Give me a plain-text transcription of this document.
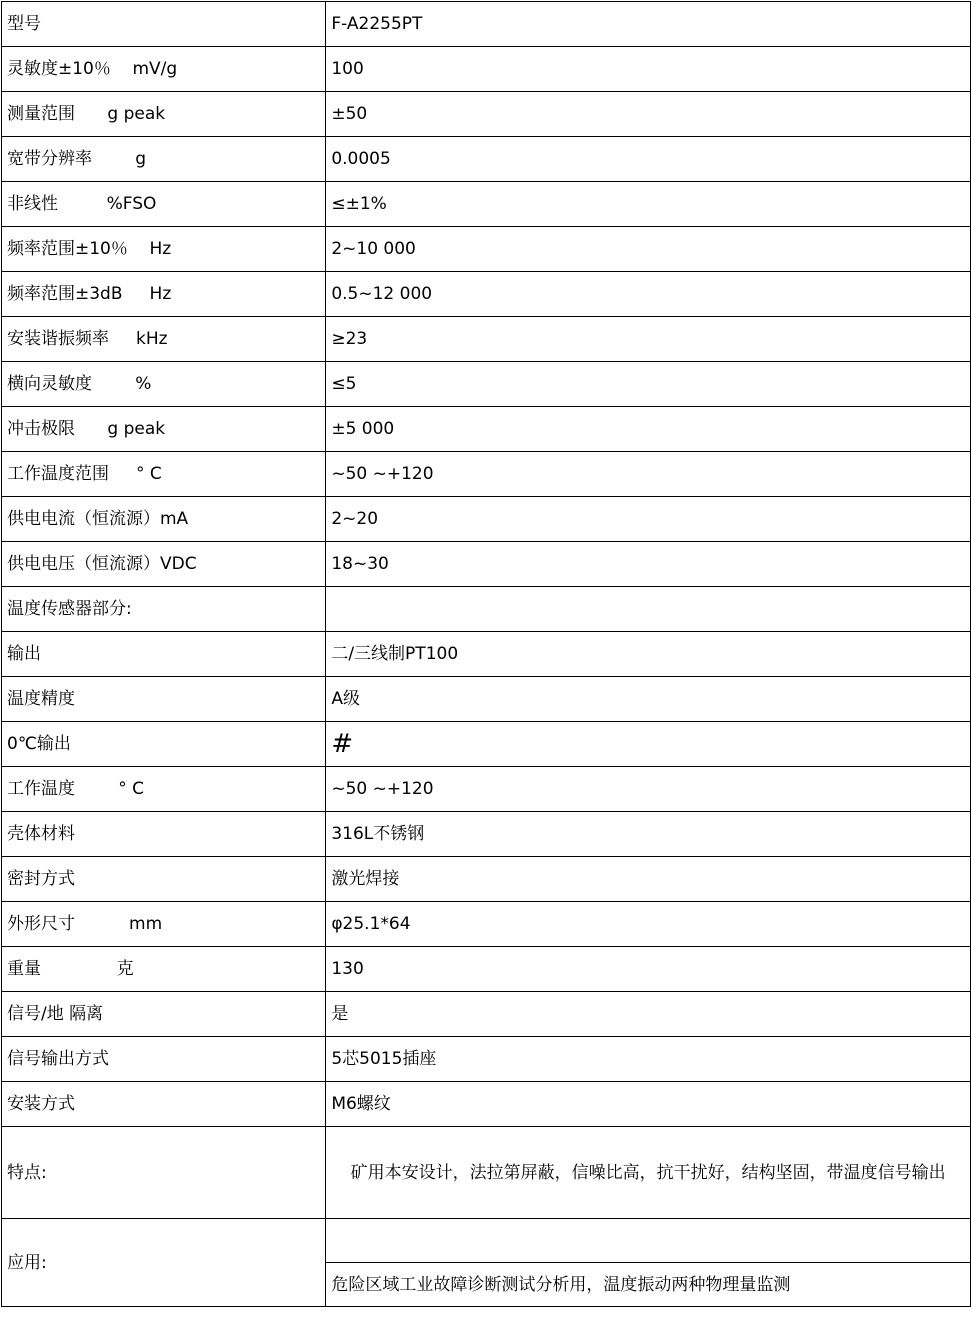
型号	F-A2255PT
灵敏度±10％    mV/g	100
测量范围      g peak	±50
宽带分辨率        g	0.0005
非线性         %FSO	≤±1%
频率范围±10％    Hz	2~10 000
频率范围±3dB     Hz	0.5~12 000
安装谐振频率     kHz	≥23
横向灵敏度        %	≤5
冲击极限      g peak	±5 000
工作温度范围     ° C	~50 ~+120
供电电流（恒流源）mA	2~20
供电电压（恒流源）VDC	18~30
温度传感器部分:	
输出	二/三线制PT100
温度精度	A级
0℃输出	#
工作温度        ° C	~50 ~+120
壳体材料	316L不锈钢
密封方式	激光焊接
外形尺寸          mm	φ25.1*64
重量              克	130
信号/地 隔离	是
信号输出方式	5芯5015插座
安装方式	M6螺纹
特点:	矿用本安设计，法拉第屏蔽，信噪比高，抗干扰好，结构坚固，带温度信号输出
应用:	
	危险区域工业故障诊断测试分析用，温度振动两种物理量监测
